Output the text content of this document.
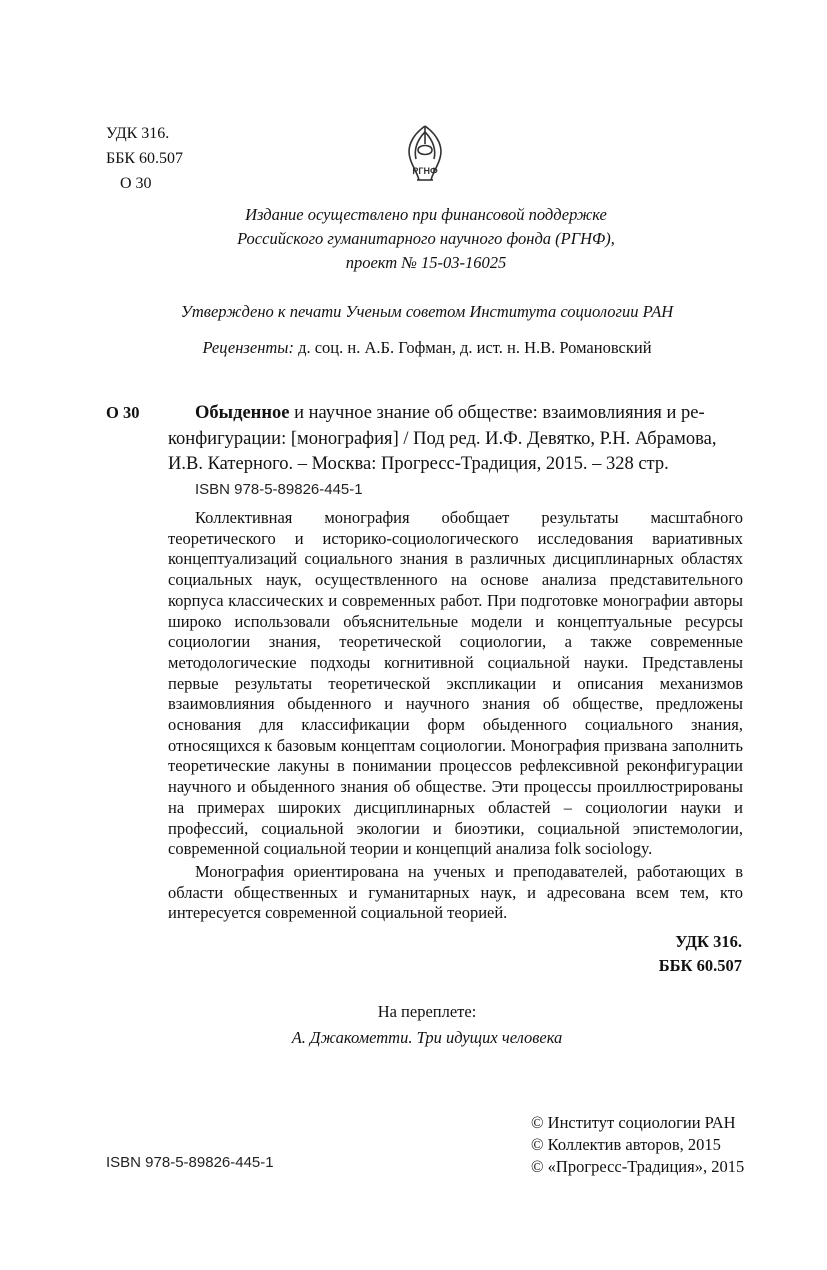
УДК 316.
ББК 60.507
О 30
РГНФ
Издание осуществлено при финансовой поддержке
Российского гуманитарного научного фонда (РГНФ),
проект № 15-03-16025
Утверждено к печати Ученым советом Института социологии РАН
Рецензенты: д. соц. н. А.Б. Гофман, д. ист. н. Н.В. Романовский
О 30	Обыденное и научное знание об обществе: взаимовлияния и ре-
конфигурации: [монография] / Под ред. И.Ф. Девятко, Р.Н. Абрамова,
И.В. Катерного. – Москва: Прогресс-Традиция, 2015. – 328 стр.
ISBN 978-5-89826-445-1

Коллективная монография обобщает результаты масштабного теоретического и историко-социологического исследования вариативных концептуализаций социального знания в различных дисциплинарных областях социальных наук, осуществленного на основе анализа представительного корпуса классических и современных работ. При подготовке монографии авторы широко использовали объяснительные модели и концептуальные ресурсы социологии знания, теоретической социологии, а также современные методологические подходы когнитивной социальной науки. Представлены первые результаты теоретической экспликации и описания механизмов взаимовлияния обыденного и научного знания об обществе, предложены основания для классификации форм обыденного социального знания, относящихся к базовым концептам социологии. Монография призвана заполнить теоретические лакуны в понимании процессов рефлексивной реконфигурации научного и обыденного знания об обществе. Эти процессы проиллюстрированы на примерах широких дисциплинарных областей – социологии науки и профессий, социальной экологии и биоэтики, социальной эпистемологии, современной социальной теории и концепций анализа folk sociology.

Монография ориентирована на ученых и преподавателей, работающих в области общественных и гуманитарных наук, и адресована всем тем, кто интересуется современной социальной теорией.

УДК 316.
ББК 60.507
На переплете:
А. Джакометти. Три идущих человека
© Институт социологии РАН
© Коллектив авторов, 2015
© «Прогресс-Традиция», 2015
ISBN 978-5-89826-445-1
